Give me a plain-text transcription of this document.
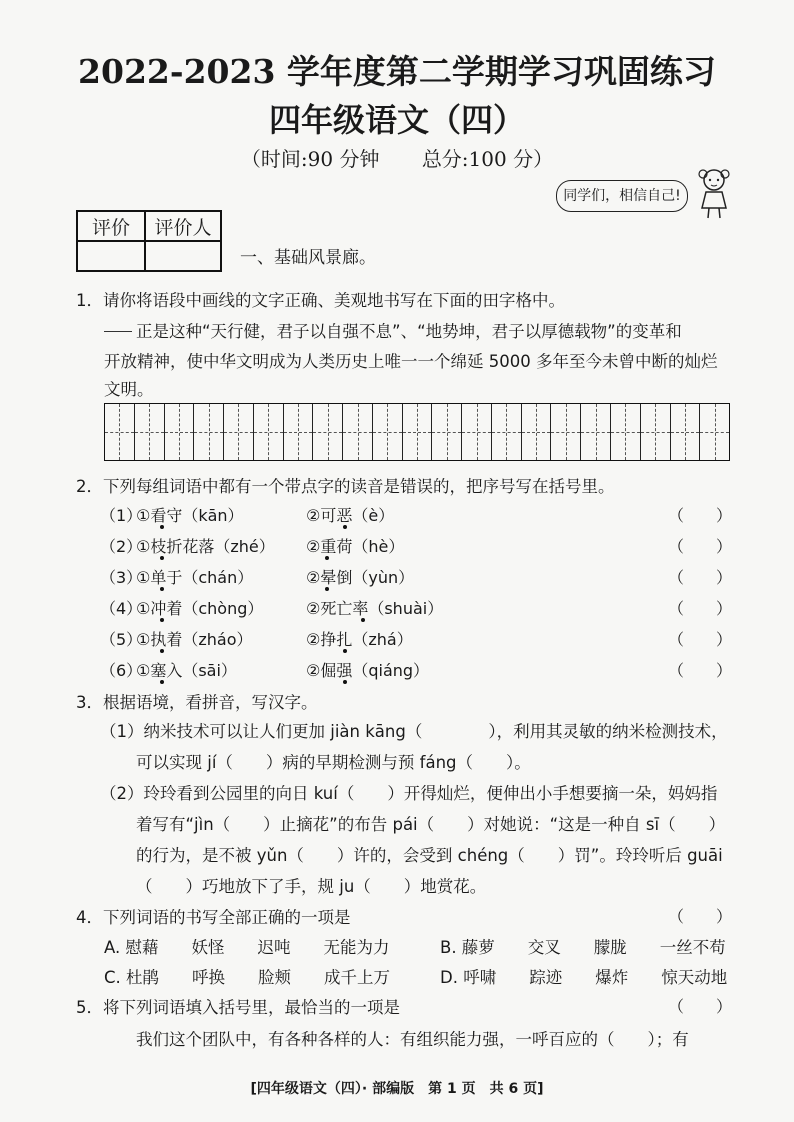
2022-2023 学年度第二学期学习巩固练习
四年级语文（四）
（时间:90 分钟 总分:100 分）
同学们，相信自己!
评价	评价人

一、基础风景廊。
1．请你将语段中画线的文字正确、美观地书写在下面的田字格中。
正是这种“天行健，君子以自强不息”、“地势坤，君子以厚德载物”的变革和
开放精神，使中华文明成为人类历史上唯一一个绵延 5000 多年至今未曾中断的灿烂
文明。
2．下列每组词语中都有一个带点字的读音是错误的，把序号写在括号里。
（1）
①看守（kān）	②可恶（è）	（　　）
（2）
①枝折花落（zhé） ②重荷（hè）	（　　）
（3）
①单于（chán）	②晕倒（yùn）	（　　）
（4）
①冲着（chòng）	②死亡率（shuài）	（　　）
（5）
①执着（zháo）	②挣扎（zhá）	（　　）
（6）
①塞入（sāi）	②倔强（qiáng）	（　　）
3．根据语境，看拼音，写汉字。
（1）纳米技术可以让人们更加 jiàn kāng（　　　　），利用其灵敏的纳米检测技术，
可以实现 jí（　　）病的早期检测与预 fáng（　　）。
（2）玲玲看到公园里的向日 kuí（　　）开得灿烂，便伸出小手想要摘一朵，妈妈指
着写有“jìn（　　）止摘花”的布告 pái（　　）对她说：“这是一种自 sī（　　）
的行为，是不被 yǔn（　　）许的，会受到 chéng（　　）罚”。玲玲听后 guāi
（　　）巧地放下了手，规 ju（　　）地赏花。
4．下列词语的书写全部正确的一项是	（　　）
A. 慰藉　　妖怪　　迟吨　　无能为力	B. 藤萝　　交叉　　朦胧　　一丝不苟
C. 杜鹃　　呼换　　脸颊　　成千上万	D. 呼啸　　踪迹　　爆炸　　惊天动地
5．将下列词语填入括号里，最恰当的一项是	（　　）
我们这个团队中，有各种各样的人：有组织能力强，一呼百应的（　　）；有
[四年级语文（四）· 部编版　第 1 页　共 6 页]
